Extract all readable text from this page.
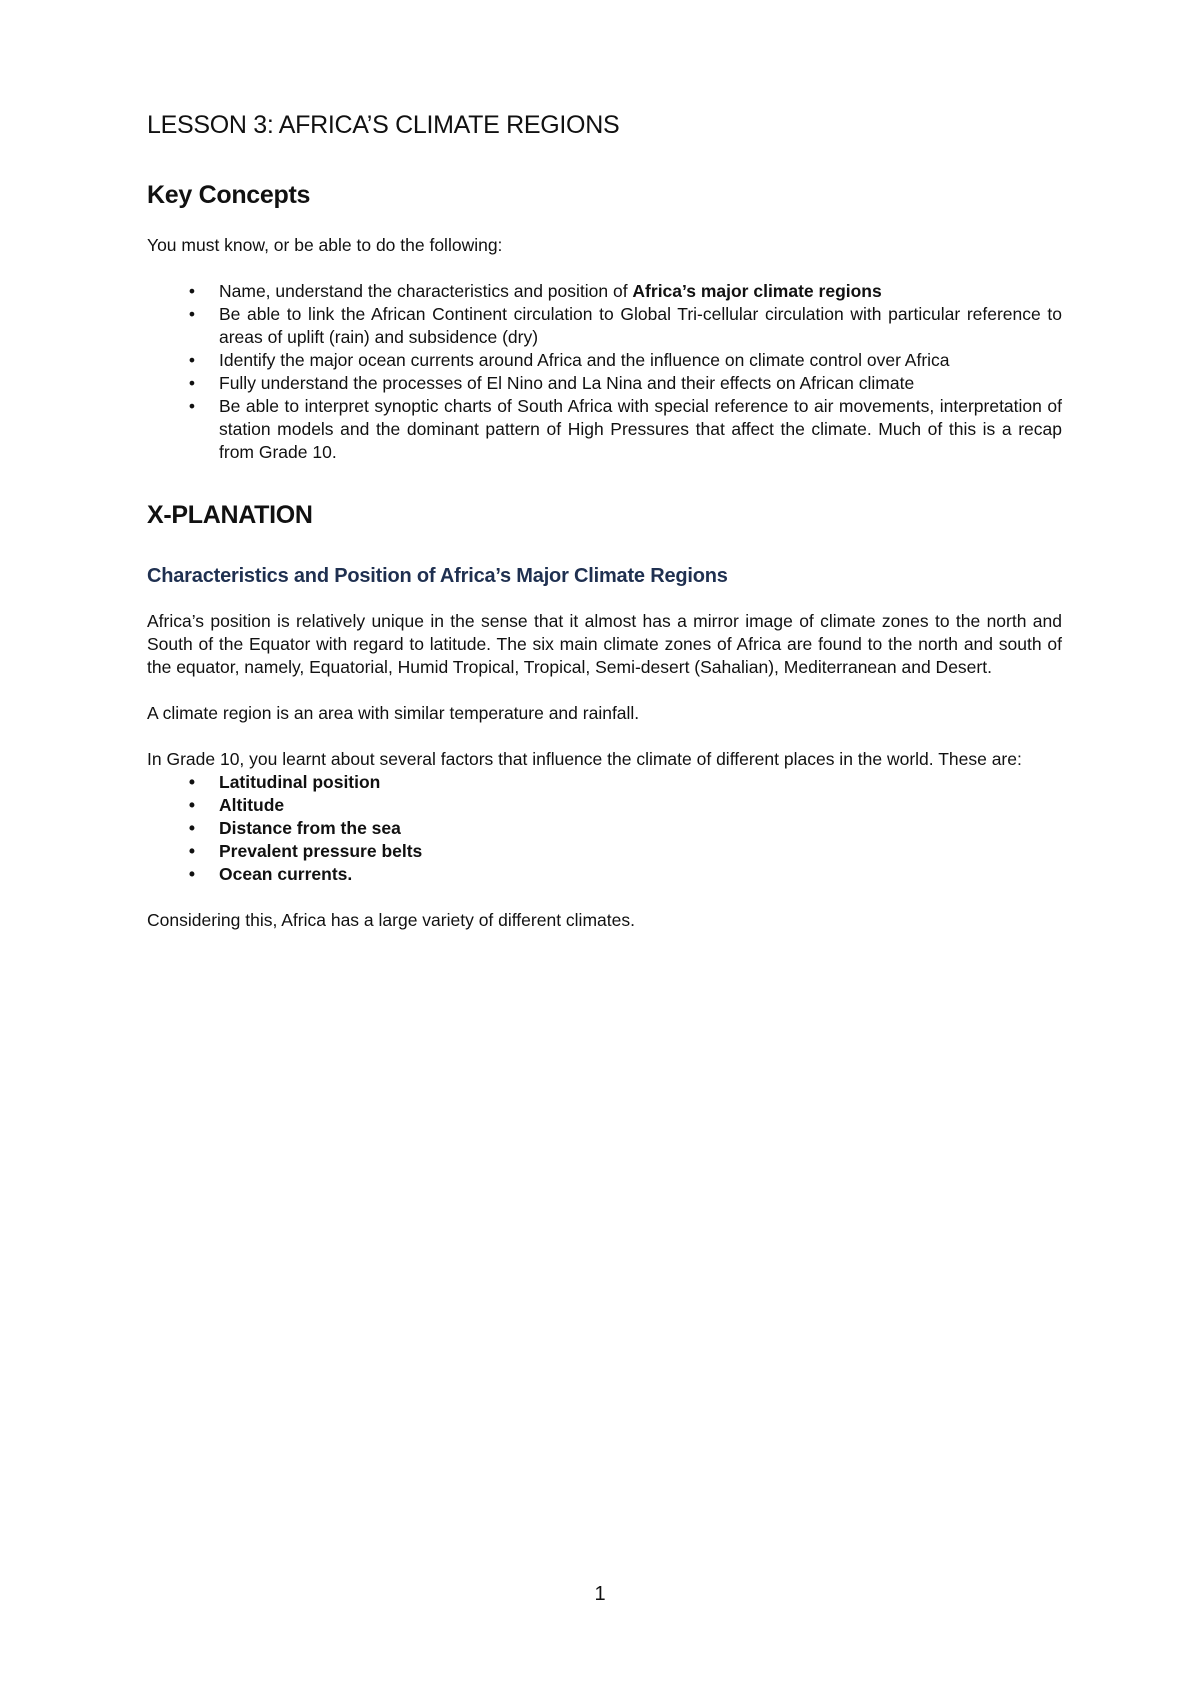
LESSON 3: AFRICA’S CLIMATE REGIONS
Key Concepts

You must know, or be able to do the following:

• Name, understand the characteristics and position of Africa’s major climate regions
• Be able to link the African Continent circulation to Global Tri-cellular circulation with particular reference to areas of uplift (rain) and subsidence (dry)
• Identify the major ocean currents around Africa and the influence on climate control over Africa
• Fully understand the processes of El Nino and La Nina and their effects on African climate
• Be able to interpret synoptic charts of South Africa with special reference to air movements, interpretation of station models and the dominant pattern of High Pressures that affect the climate. Much of this is a recap from Grade 10.
X-PLANATION
Characteristics and Position of Africa’s Major Climate Regions

Africa’s position is relatively unique in the sense that it almost has a mirror image of climate zones to the north and South of the Equator with regard to latitude. The six main climate zones of Africa are found to the north and south of the equator, namely, Equatorial, Humid Tropical, Tropical, Semi-desert (Sahalian), Mediterranean and Desert.

A climate region is an area with similar temperature and rainfall.

In Grade 10, you learnt about several factors that influence the climate of different places in the world. These are:

• Latitudinal position
• Altitude
• Distance from the sea
• Prevalent pressure belts
• Ocean currents.

Considering this, Africa has a large variety of different climates.

1
